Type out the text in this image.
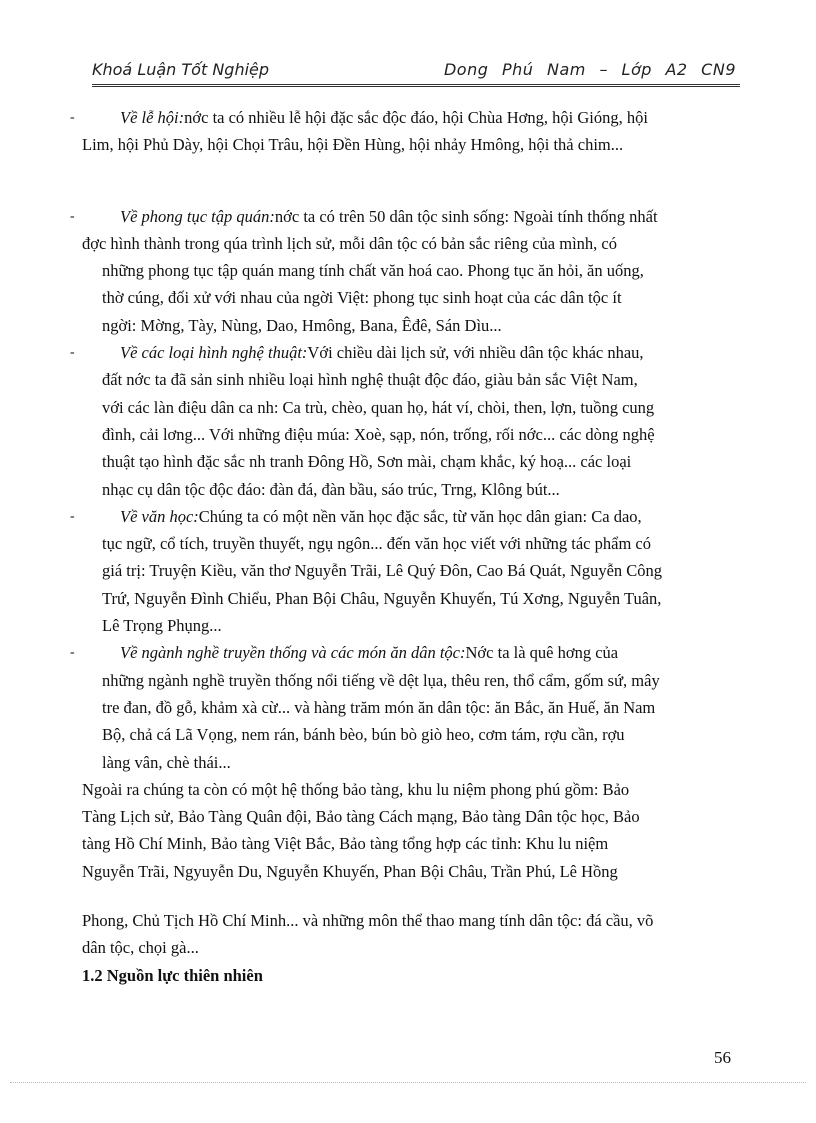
Khoá Luận Tốt Nghiệp	Dong Phú Nam – Lớp A2 CN9
-	Về lễ hội:nớc ta có nhiều lễ hội đặc sắc độc đáo, hội Chùa Hơng, hội Gióng, hội
Lim, hội Phủ Dày, hội Chọi Trâu, hội Đền Hùng, hội nhảy Hmông, hội thả chim...
-	Về phong tục tập quán:nớc ta có trên 50 dân tộc sinh sống: Ngoài tính thống nhất
đợc hình thành trong qúa trình lịch sử, mỗi dân tộc có bản sắc riêng của mình, có
những phong tục tập quán mang tính chất văn hoá cao. Phong tục ăn hỏi, ăn uống,
thờ cúng, đối xử với nhau của ngời Việt: phong tục sinh hoạt của các dân tộc ít
ngời: Mờng, Tày, Nùng, Dao, Hmông, Bana, Êđê, Sán Dìu...
-	Về các loại hình nghệ thuật:Với chiều dài lịch sử, với nhiều dân tộc khác nhau,
đất nớc ta đã sản sinh nhiều loại hình nghệ thuật độc đáo, giàu bản sắc Việt Nam,
với các làn điệu dân ca nh: Ca trù, chèo, quan họ, hát ví, chòi, then, lợn, tuồng cung
đình, cải lơng... Với những điệu múa: Xoè, sạp, nón, trống, rối nớc... các dòng nghệ
thuật tạo hình đặc sắc nh tranh Đông Hồ, Sơn mài, chạm khắc, ký hoạ... các loại
nhạc cụ dân tộc độc đáo: đàn đá, đàn bầu, sáo trúc, Trng, Klông bút...
-	Về văn học:Chúng ta có một nền văn học đặc sắc, từ văn học dân gian: Ca dao,
tục ngữ, cổ tích, truyền thuyết, ngụ ngôn... đến văn học viết với những tác phẩm có
giá trị: Truyện Kiều, văn thơ Nguyễn Trãi, Lê Quý Đôn, Cao Bá Quát, Nguyễn Công
Trứ, Nguyễn Đình Chiểu, Phan Bội Châu, Nguyễn Khuyến, Tú Xơng, Nguyễn Tuân,
Lê Trọng Phụng...
-	Về ngành nghề truyền thống và các món ăn dân tộc:Nớc ta là quê hơng của
những ngành nghề truyền thống nổi tiếng về dệt lụa, thêu ren, thổ cẩm, gốm sứ, mây
tre đan, đồ gỗ, khảm xà cừ... và hàng trăm món ăn dân tộc: ăn Bắc, ăn Huế, ăn Nam
Bộ, chả cá Lã Vọng, nem rán, bánh bèo, bún bò giò heo, cơm tám, rợu cần, rợu
làng vân, chè thái...
Ngoài ra chúng ta còn có một hệ thống bảo tàng, khu lu niệm phong phú gồm: Bảo
Tàng Lịch sử, Bảo Tàng Quân đội, Bảo tàng Cách mạng, Bảo tàng Dân tộc học, Bảo
tàng Hồ Chí Minh, Bảo tàng Việt Bắc, Bảo tàng tổng hợp các tỉnh: Khu lu niệm
Nguyễn Trãi, Ngyuyễn Du, Nguyễn Khuyến, Phan Bội Châu, Trần Phú, Lê Hồng
Phong, Chủ Tịch Hồ Chí Minh... và những môn thể thao mang tính dân tộc: đá cầu, võ
dân tộc, chọi gà...
1.2 Nguồn lực thiên nhiên
56
